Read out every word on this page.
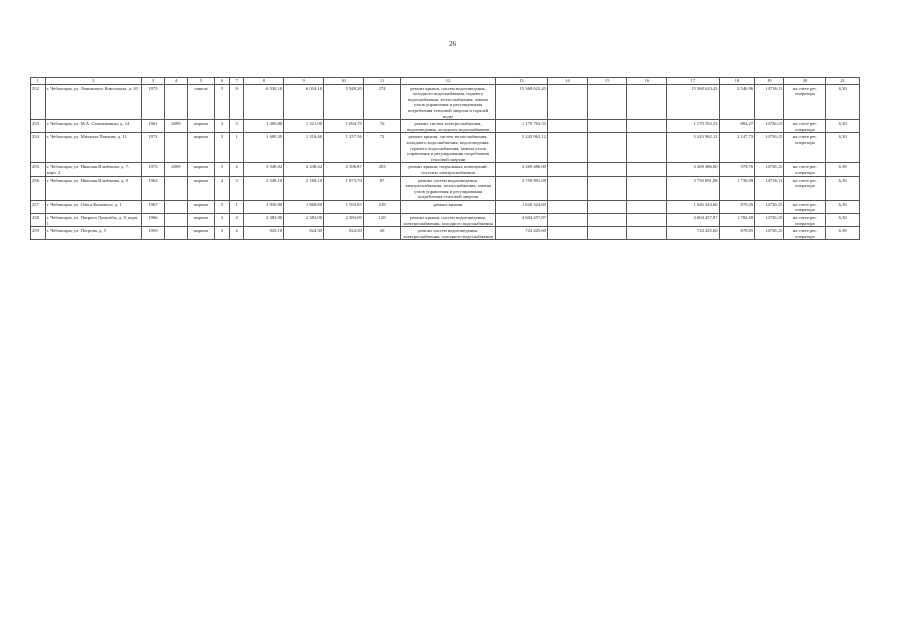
26
1	2	3	4	5	6	7	8	9	10	11	12	13	14	15	16	17	18	19	20	21
252	г. Чебоксары, ул. Ленинского Комсомола, д. 20	1973		панель	5	8	6 530,10	6 034,10	5 949,20	274	ремонт крыши, систем водоотведения, холодного водоснабжения, горячего водоснабжения, теплоснабжения, замена узлов управления и регулирования потребления тепловой энергии и горячей воды	15 368 623,43				15 368 623,43	2 546,96	14736,11	на счете рег. оператора	6,30
253	г. Чебоксары, ул. М.А. Сапаликовны, д. 14	1961	2009	кирпич	3	3	1 406,80	1 321,90	1 094,79	76	ремонт систем электроснабжения, водоотведения, холодного водоснабжения	1 170 763,53				1 170 763,53	884,27	14736,15	на счете рег. оператора	6,30
254	г. Чебоксары, ул. Михаила Павлова, д. 11	1972		кирпич	3	1	1 680,39	1 316,40	1 257,36	72	ремонт крыши, систем теплоснабжения, холодного водоснабжения, водоотведения, горячего водоснабжения, замена узлов управления и регулирования потребления тепловой энергии	5 243 962,12				5 243 962,12	2 147,73	14736,15	на счете рег. оператора	6,30
255	г. Чебоксары, ул. Николая Ильбекова, д. 7, корп. 2	1973	2009	кирпич	5	2	3 548,02	3 238,42	2 396,87	203	ремонт крыши, подвальных помещений, системы электроснабжения	3 269 486,00				3 269 486,00	979,76	14736,15	на счете рег. оператора	6,30
256	г. Чебоксары, ул. Николая Ильбекова, д. 9	1962		кирпич	4	3	2 548,10	2 169,10	1 873,70	87	ремонт систем водоотведения, электроснабжения, теплоснабжения, замена узлов управления и регулирования потребления тепловой энергии	3 750 891,08				3 750 891,08	1 730,09	14736,11	на счете рег. оператора	6,30
257	г. Чебоксары, ул. Олега Кошевого, д. 1	1967		кирпич	5	1	1 930,80	1 868,80	1 593,85	218	ремонт крыши	1 626 324,60				1 626 324,60	870,26	14736,15	на счете рег. оператора	6,30
258	г. Чебоксары, ул. Патриса Лумумбы, д. 8, корп. 1	1966		кирпич	3	4	2 383,00	2 383,00	2 383,00	128	ремонт крыши, систем водоотведения, электроснабжения, холодного водоснабжения	4 604 457,87				4 604 457,87	1 782,69	14736,15	на счете рег. оператора	6,30
259	г. Чебоксары, ул. Петрова, д. 5	1959		кирпич	3	2	920,10	824,30	824,30	20	ремонт систем водоотведения, электроснабжения, холодного водоснабжения	724 425,60				724 425,60	878,85	14736,15	на счете рег. оператора	6,30
